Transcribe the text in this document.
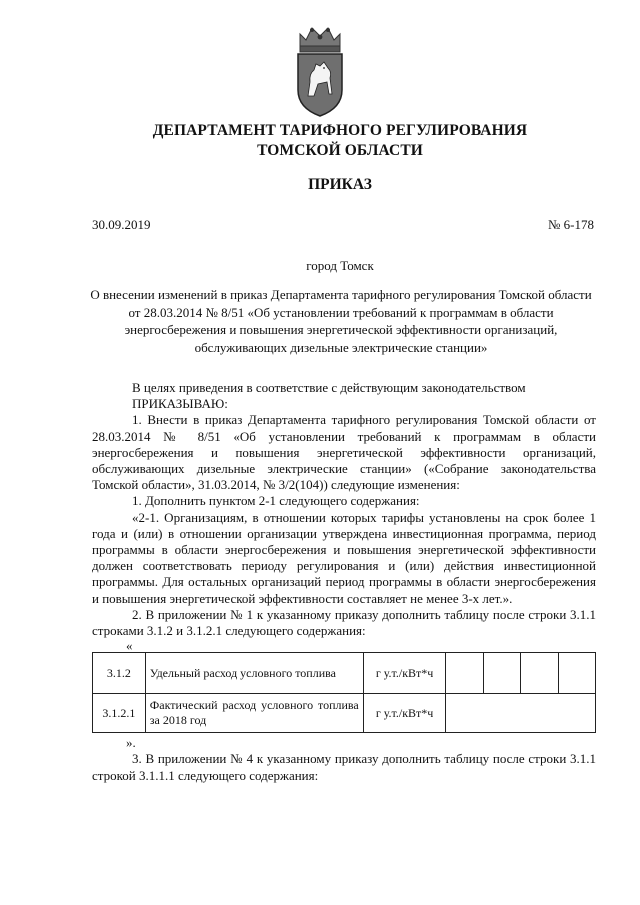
ДЕПАРТАМЕНТ ТАРИФНОГО РЕГУЛИРОВАНИЯ
ТОМСКОЙ ОБЛАСТИ
ПРИКАЗ
30.09.2019	№ 6-178
город Томск
О внесении изменений в приказ Департамента тарифного регулирования Томской области от 28.03.2014 № 8/51 «Об установлении требований к программам в области энергосбережения и повышения энергетической эффективности организаций, обслуживающих дизельные электрические станции»

В целях приведения в соответствие с действующим законодательством

ПРИКАЗЫВАЮ:

1. Внести в приказ Департамента тарифного регулирования Томской области от 28.03.2014 № 8/51 «Об установлении требований к программам в области энергосбережения и повышения энергетической эффективности организаций, обслуживающих дизельные электрические станции» («Собрание законодательства Томской области», 31.03.2014, № 3/2(104)) следующие изменения:

1. Дополнить пунктом 2-1 следующего содержания:

«2-1. Организациям, в отношении которых тарифы установлены на срок более 1 года и (или) в отношении организации утверждена инвестиционная программа, период программы в области энергосбережения и повышения энергетической эффективности должен соответствовать периоду регулирования и (или) действия инвестиционной программы. Для остальных организаций период программы в области энергосбережения и повышения энергетической эффективности составляет не менее 3-х лет.».

2. В приложении № 1 к указанному приказу дополнить таблицу после строки 3.1.1 строками 3.1.2 и 3.1.2.1 следующего содержания:

«

3.1.2	Удельный расход условного топлива	г у.т./кВт*ч				
3.1.2.1	Фактический расход условного топлива за 2018 год	г у.т./кВт*ч				

».

3. В приложении № 4 к указанному приказу дополнить таблицу после строки 3.1.1 строкой 3.1.1.1 следующего содержания:
